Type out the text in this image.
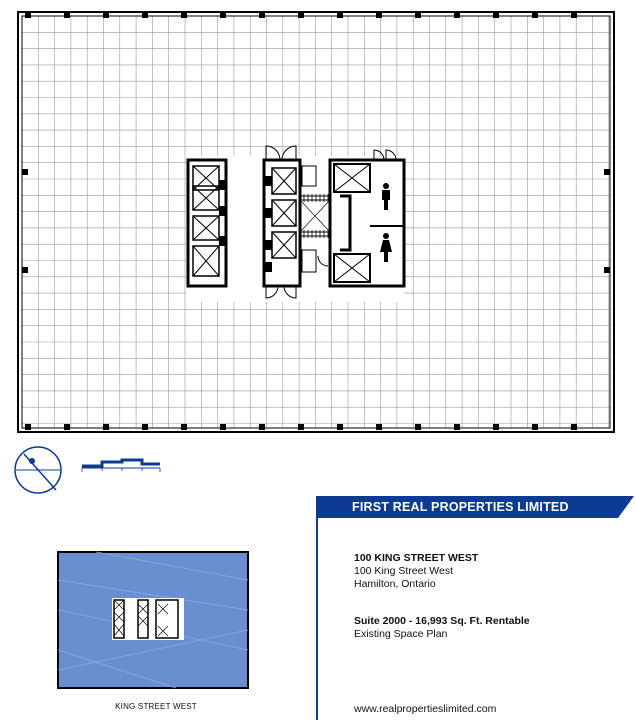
KING STREET WEST
FIRST REAL PROPERTIES LIMITED
100 KING STREET WEST
100 King Street West
Hamilton, Ontario
Suite 2000 - 16,993 Sq. Ft. Rentable
Existing Space Plan
www.realpropertieslimited.com
